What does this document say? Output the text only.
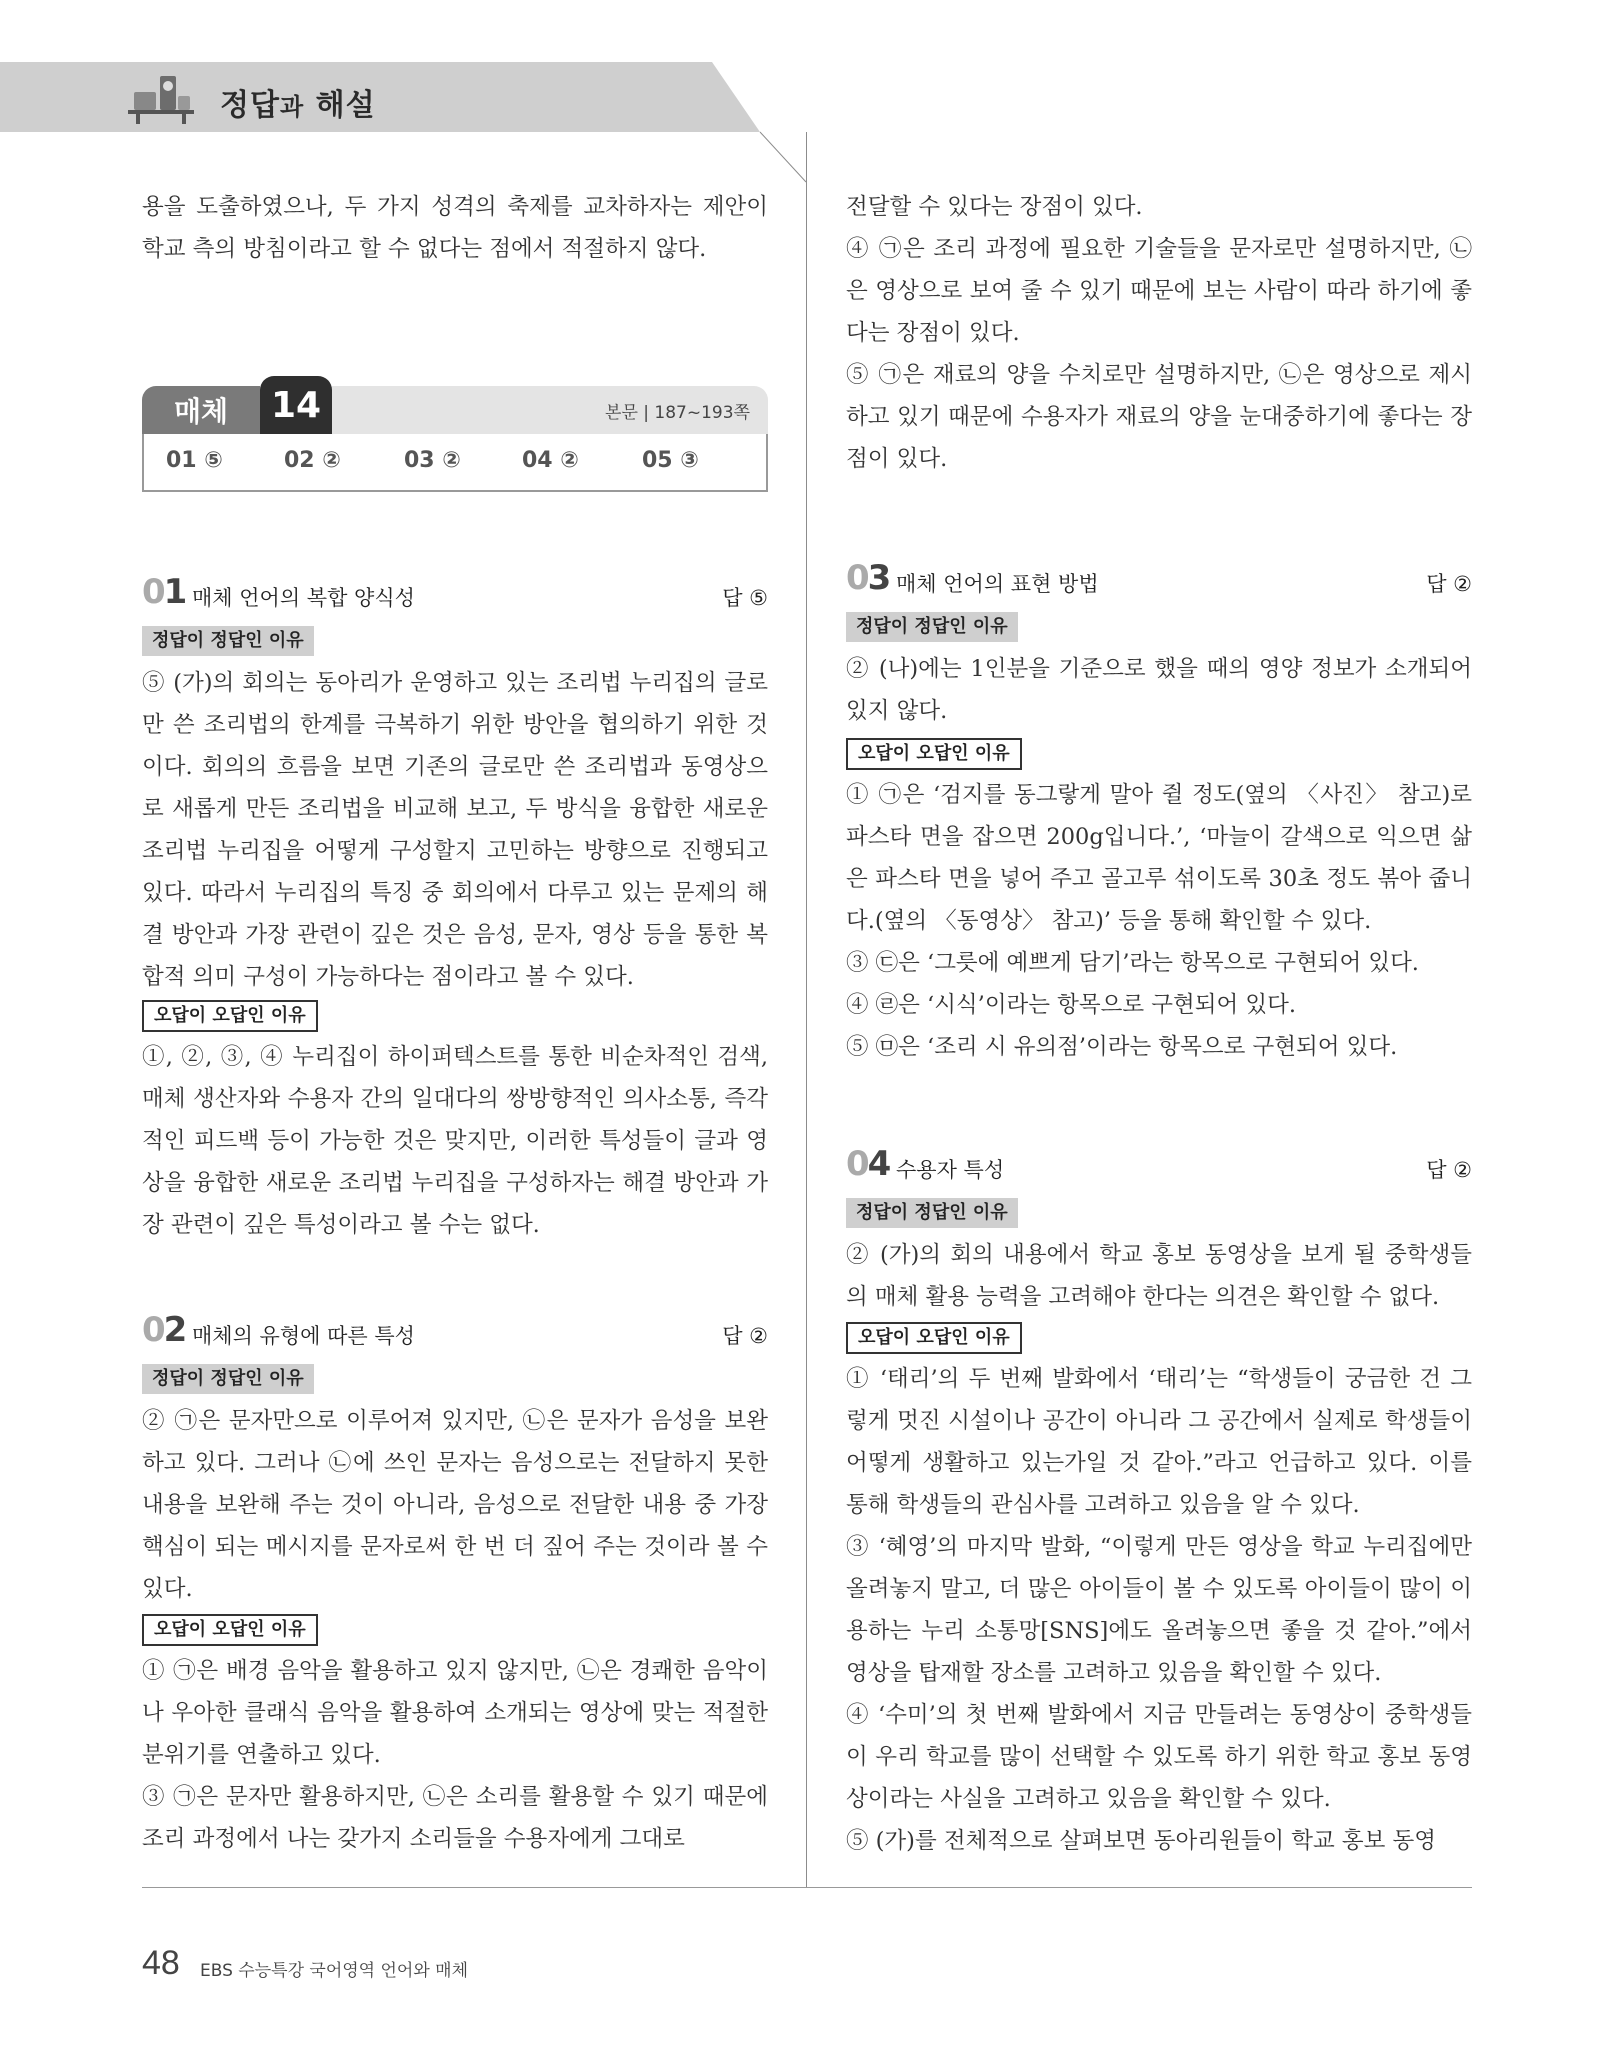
정답과 해설
용을 도출하였으나, 두 가지 성격의 축제를 교차하자는 제안이 학교 측의 방침이라고 할 수 없다는 점에서 적절하지 않다.
본문 | 187~193쪽
매체	14
01 ⑤	02 ②	03 ②	04 ②	05 ③
01 매체 언어의 복합 양식성	답 ⑤
정답이 정답인 이유
⑤ (가)의 회의는 동아리가 운영하고 있는 조리법 누리집의 글로만 쓴 조리법의 한계를 극복하기 위한 방안을 협의하기 위한 것이다. 회의의 흐름을 보면 기존의 글로만 쓴 조리법과 동영상으로 새롭게 만든 조리법을 비교해 보고, 두 방식을 융합한 새로운 조리법 누리집을 어떻게 구성할지 고민하는 방향으로 진행되고 있다. 따라서 누리집의 특징 중 회의에서 다루고 있는 문제의 해결 방안과 가장 관련이 깊은 것은 음성, 문자, 영상 등을 통한 복합적 의미 구성이 가능하다는 점이라고 볼 수 있다.
오답이 오답인 이유
①, ②, ③, ④ 누리집이 하이퍼텍스트를 통한 비순차적인 검색, 매체 생산자와 수용자 간의 일대다의 쌍방향적인 의사소통, 즉각적인 피드백 등이 가능한 것은 맞지만, 이러한 특성들이 글과 영상을 융합한 새로운 조리법 누리집을 구성하자는 해결 방안과 가장 관련이 깊은 특성이라고 볼 수는 없다.
02 매체의 유형에 따른 특성	답 ②
정답이 정답인 이유
② ㉠은 문자만으로 이루어져 있지만, ㉡은 문자가 음성을 보완하고 있다. 그러나 ㉡에 쓰인 문자는 음성으로는 전달하지 못한 내용을 보완해 주는 것이 아니라, 음성으로 전달한 내용 중 가장 핵심이 되는 메시지를 문자로써 한 번 더 짚어 주는 것이라 볼 수 있다.
오답이 오답인 이유
① ㉠은 배경 음악을 활용하고 있지 않지만, ㉡은 경쾌한 음악이나 우아한 클래식 음악을 활용하여 소개되는 영상에 맞는 적절한 분위기를 연출하고 있다.
③ ㉠은 문자만 활용하지만, ㉡은 소리를 활용할 수 있기 때문에 조리 과정에서 나는 갖가지 소리들을 수용자에게 그대로
전달할 수 있다는 장점이 있다.
④ ㉠은 조리 과정에 필요한 기술들을 문자로만 설명하지만, ㉡은 영상으로 보여 줄 수 있기 때문에 보는 사람이 따라 하기에 좋다는 장점이 있다.
⑤ ㉠은 재료의 양을 수치로만 설명하지만, ㉡은 영상으로 제시하고 있기 때문에 수용자가 재료의 양을 눈대중하기에 좋다는 장점이 있다.
03 매체 언어의 표현 방법	답 ②
정답이 정답인 이유
② (나)에는 1인분을 기준으로 했을 때의 영양 정보가 소개되어 있지 않다.
오답이 오답인 이유
① ㉠은 ‘검지를 동그랗게 말아 쥘 정도(옆의 〈사진〉 참고)로 파스타 면을 잡으면 200g입니다.’, ‘마늘이 갈색으로 익으면 삶은 파스타 면을 넣어 주고 골고루 섞이도록 30초 정도 볶아 줍니다.(옆의 〈동영상〉 참고)’ 등을 통해 확인할 수 있다.
③ ㉢은 ‘그릇에 예쁘게 담기’라는 항목으로 구현되어 있다.
④ ㉣은 ‘시식’이라는 항목으로 구현되어 있다.
⑤ ㉤은 ‘조리 시 유의점’이라는 항목으로 구현되어 있다.
04 수용자 특성	답 ②
정답이 정답인 이유
② (가)의 회의 내용에서 학교 홍보 동영상을 보게 될 중학생들의 매체 활용 능력을 고려해야 한다는 의견은 확인할 수 없다.
오답이 오답인 이유
① ‘태리’의 두 번째 발화에서 ‘태리’는 “학생들이 궁금한 건 그렇게 멋진 시설이나 공간이 아니라 그 공간에서 실제로 학생들이 어떻게 생활하고 있는가일 것 같아.”라고 언급하고 있다. 이를 통해 학생들의 관심사를 고려하고 있음을 알 수 있다.
③ ‘혜영’의 마지막 발화, “이렇게 만든 영상을 학교 누리집에만 올려놓지 말고, 더 많은 아이들이 볼 수 있도록 아이들이 많이 이용하는 누리 소통망[SNS]에도 올려놓으면 좋을 것 같아.”에서 영상을 탑재할 장소를 고려하고 있음을 확인할 수 있다.
④ ‘수미’의 첫 번째 발화에서 지금 만들려는 동영상이 중학생들이 우리 학교를 많이 선택할 수 있도록 하기 위한 학교 홍보 동영상이라는 사실을 고려하고 있음을 확인할 수 있다.
⑤ (가)를 전체적으로 살펴보면 동아리원들이 학교 홍보 동영
48 EBS 수능특강 국어영역 언어와 매체
